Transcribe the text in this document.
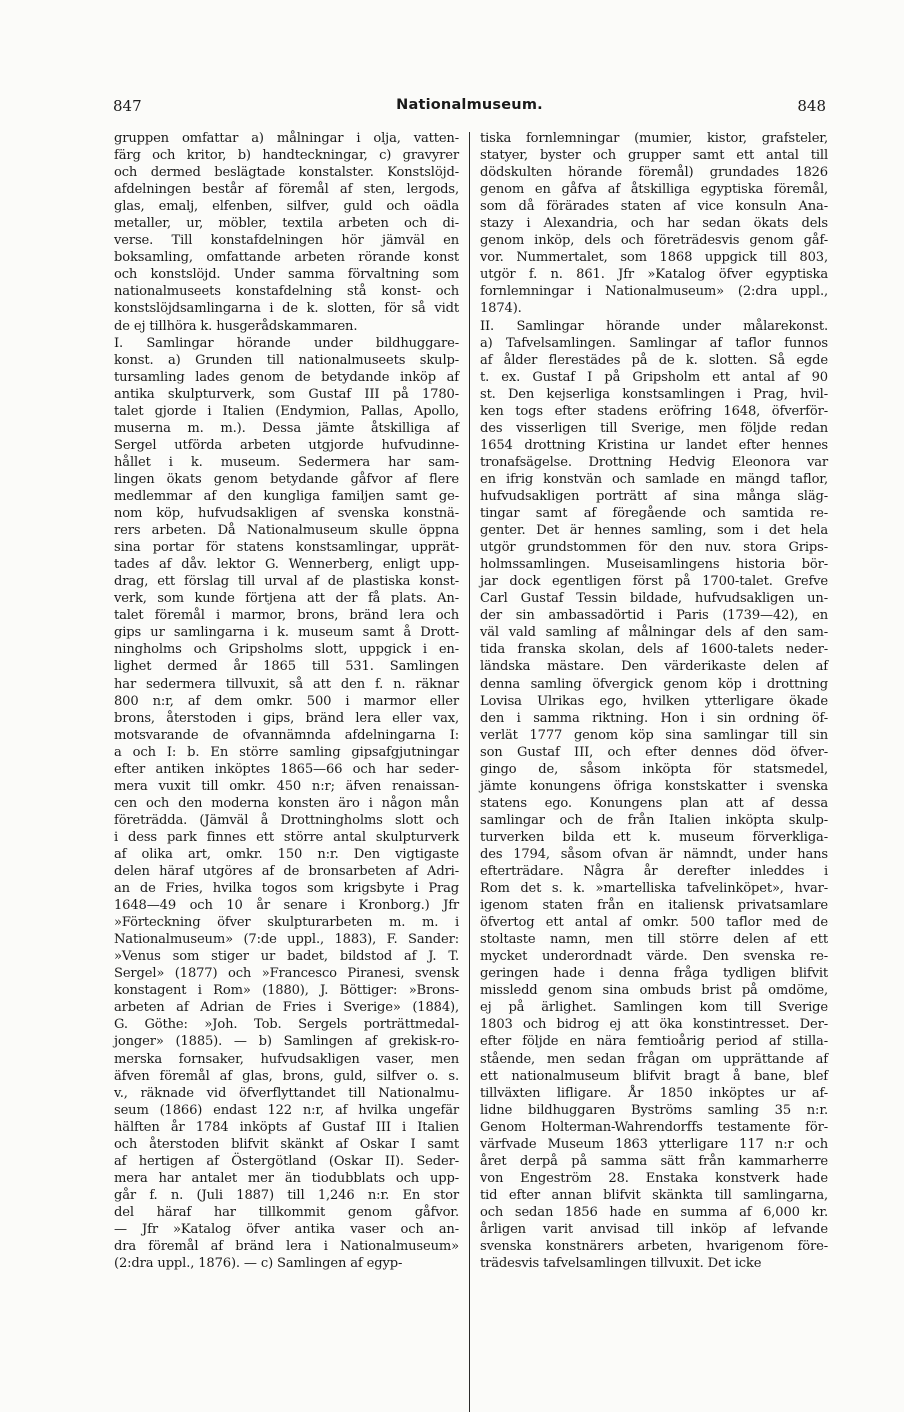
847	Nationalmuseum.	848

gruppen omfattar a) målningar i olja, vatten-

färg och kritor, b) handteckningar, c) gravyrer

och dermed beslägtade konstalster. Konstslöjd-

afdelningen består af föremål af sten, lergods,

glas, emalj, elfenben, silfver, guld och oädla

metaller, ur, möbler, textila arbeten och di-

verse. Till konstafdelningen hör jämväl en

boksamling, omfattande arbeten rörande konst

och konstslöjd. Under samma förvaltning som

nationalmuseets konstafdelning stå konst- och

konstslöjdsamlingarna i de k. slotten, för så vidt

de ej tillhöra k. husgerådskammaren.

I. Samlingar hörande under bildhuggare-

konst. a) Grunden till nationalmuseets skulp-

tursamling lades genom de betydande inköp af

antika skulpturverk, som Gustaf III på 1780-

talet gjorde i Italien (Endymion, Pallas, Apollo,

muserna m. m.). Dessa jämte åtskilliga af

Sergel utförda arbeten utgjorde hufvudinne-

hållet i k. museum. Sedermera har sam-

lingen ökats genom betydande gåfvor af flere

medlemmar af den kungliga familjen samt ge-

nom köp, hufvudsakligen af svenska konstnä-

rers arbeten. Då Nationalmuseum skulle öppna

sina portar för statens konstsamlingar, upprät-

tades af dåv. lektor G. Wennerberg, enligt upp-

drag, ett förslag till urval af de plastiska konst-

verk, som kunde förtjena att der få plats. An-

talet föremål i marmor, brons, bränd lera och

gips ur samlingarna i k. museum samt å Drott-

ningholms och Gripsholms slott, uppgick i en-

lighet dermed år 1865 till 531. Samlingen

har sedermera tillvuxit, så att den f. n. räknar

800 n:r, af dem omkr. 500 i marmor eller

brons, återstoden i gips, bränd lera eller vax,

motsvarande de ofvannämnda afdelningarna I:

a och I: b. En större samling gipsafgjutningar

efter antiken inköptes 1865—66 och har seder-

mera vuxit till omkr. 450 n:r; äfven renaissan-

cen och den moderna konsten äro i någon mån

företrädda. (Jämväl å Drottningholms slott och

i dess park finnes ett större antal skulpturverk

af olika art, omkr. 150 n:r. Den vigtigaste

delen häraf utgöres af de bronsarbeten af Adri-

an de Fries, hvilka togos som krigsbyte i Prag

1648—49 och 10 år senare i Kronborg.) Jfr

»Förteckning öfver skulpturarbeten m. m. i

Nationalmuseum» (7:de uppl., 1883), F. Sander:

»Venus som stiger ur badet, bildstod af J. T.

Sergel» (1877) och »Francesco Piranesi, svensk

konstagent i Rom» (1880), J. Böttiger: »Brons-

arbeten af Adrian de Fries i Sverige» (1884),

G. Göthe: »Joh. Tob. Sergels porträttmedal-

jonger» (1885). — b) Samlingen af grekisk-ro-

merska fornsaker, hufvudsakligen vaser, men

äfven föremål af glas, brons, guld, silfver o. s.

v., räknade vid öfverflyttandet till Nationalmu-

seum (1866) endast 122 n:r, af hvilka ungefär

hälften år 1784 inköpts af Gustaf III i Italien

och återstoden blifvit skänkt af Oskar I samt

af hertigen af Östergötland (Oskar II). Seder-

mera har antalet mer än tiodubblats och upp-

går f. n. (Juli 1887) till 1,246 n:r. En stor

del häraf har tillkommit genom gåfvor.

— Jfr »Katalog öfver antika vaser och an-

dra föremål af bränd lera i Nationalmuseum»

(2:dra uppl., 1876). — c) Samlingen af egyp-

tiska fornlemningar (mumier, kistor, grafsteler,

statyer, byster och grupper samt ett antal till

dödskulten hörande föremål) grundades 1826

genom en gåfva af åtskilliga egyptiska föremål,

som då förärades staten af vice konsuln Ana-

stazy i Alexandria, och har sedan ökats dels

genom inköp, dels och företrädesvis genom gåf-

vor. Nummertalet, som 1868 uppgick till 803,

utgör f. n. 861. Jfr »Katalog öfver egyptiska

fornlemningar i Nationalmuseum» (2:dra uppl.,

1874).

II. Samlingar hörande under målarekonst.

a) Tafvelsamlingen. Samlingar af taflor funnos

af ålder flerestädes på de k. slotten. Så egde

t. ex. Gustaf I på Gripsholm ett antal af 90

st. Den kejserliga konstsamlingen i Prag, hvil-

ken togs efter stadens eröfring 1648, öfverför-

des visserligen till Sverige, men följde redan

1654 drottning Kristina ur landet efter hennes

tronafsägelse. Drottning Hedvig Eleonora var

en ifrig konstvän och samlade en mängd taflor,

hufvudsakligen porträtt af sina många släg-

tingar samt af föregående och samtida re-

genter. Det är hennes samling, som i det hela

utgör grundstommen för den nuv. stora Grips-

holmssamlingen. Museisamlingens historia bör-

jar dock egentligen först på 1700-talet. Grefve

Carl Gustaf Tessin bildade, hufvudsakligen un-

der sin ambassadörtid i Paris (1739—42), en

väl vald samling af målningar dels af den sam-

tida franska skolan, dels af 1600-talets neder-

ländska mästare. Den värderikaste delen af

denna samling öfvergick genom köp i drottning

Lovisa Ulrikas ego, hvilken ytterligare ökade

den i samma riktning. Hon i sin ordning öf-

verlät 1777 genom köp sina samlingar till sin

son Gustaf III, och efter dennes död öfver-

gingo de, såsom inköpta för statsmedel,

jämte konungens öfriga konstskatter i svenska

statens ego. Konungens plan att af dessa

samlingar och de från Italien inköpta skulp-

turverken bilda ett k. museum förverkliga-

des 1794, såsom ofvan är nämndt, under hans

efterträdare. Några år derefter inleddes i

Rom det s. k. »martelliska tafvelinköpet», hvar-

igenom staten från en italiensk privatsamlare

öfvertog ett antal af omkr. 500 taflor med de

stoltaste namn, men till större delen af ett

mycket underordnadt värde. Den svenska re-

geringen hade i denna fråga tydligen blifvit

missledd genom sina ombuds brist på omdöme,

ej på ärlighet. Samlingen kom till Sverige

1803 och bidrog ej att öka konstintresset. Der-

efter följde en nära femtioårig period af stilla-

stående, men sedan frågan om upprättande af

ett nationalmuseum blifvit bragt å bane, blef

tillväxten lifligare. År 1850 inköptes ur af-

lidne bildhuggaren Byströms samling 35 n:r.

Genom Holterman-Wahrendorffs testamente för-

värfvade Museum 1863 ytterligare 117 n:r och

året derpå på samma sätt från kammarherre

von Engeström 28. Enstaka konstverk hade

tid efter annan blifvit skänkta till samlingarna,

och sedan 1856 hade en summa af 6,000 kr.

årligen varit anvisad till inköp af lefvande

svenska konstnärers arbeten, hvarigenom före-

trädesvis tafvelsamlingen tillvuxit. Det icke
